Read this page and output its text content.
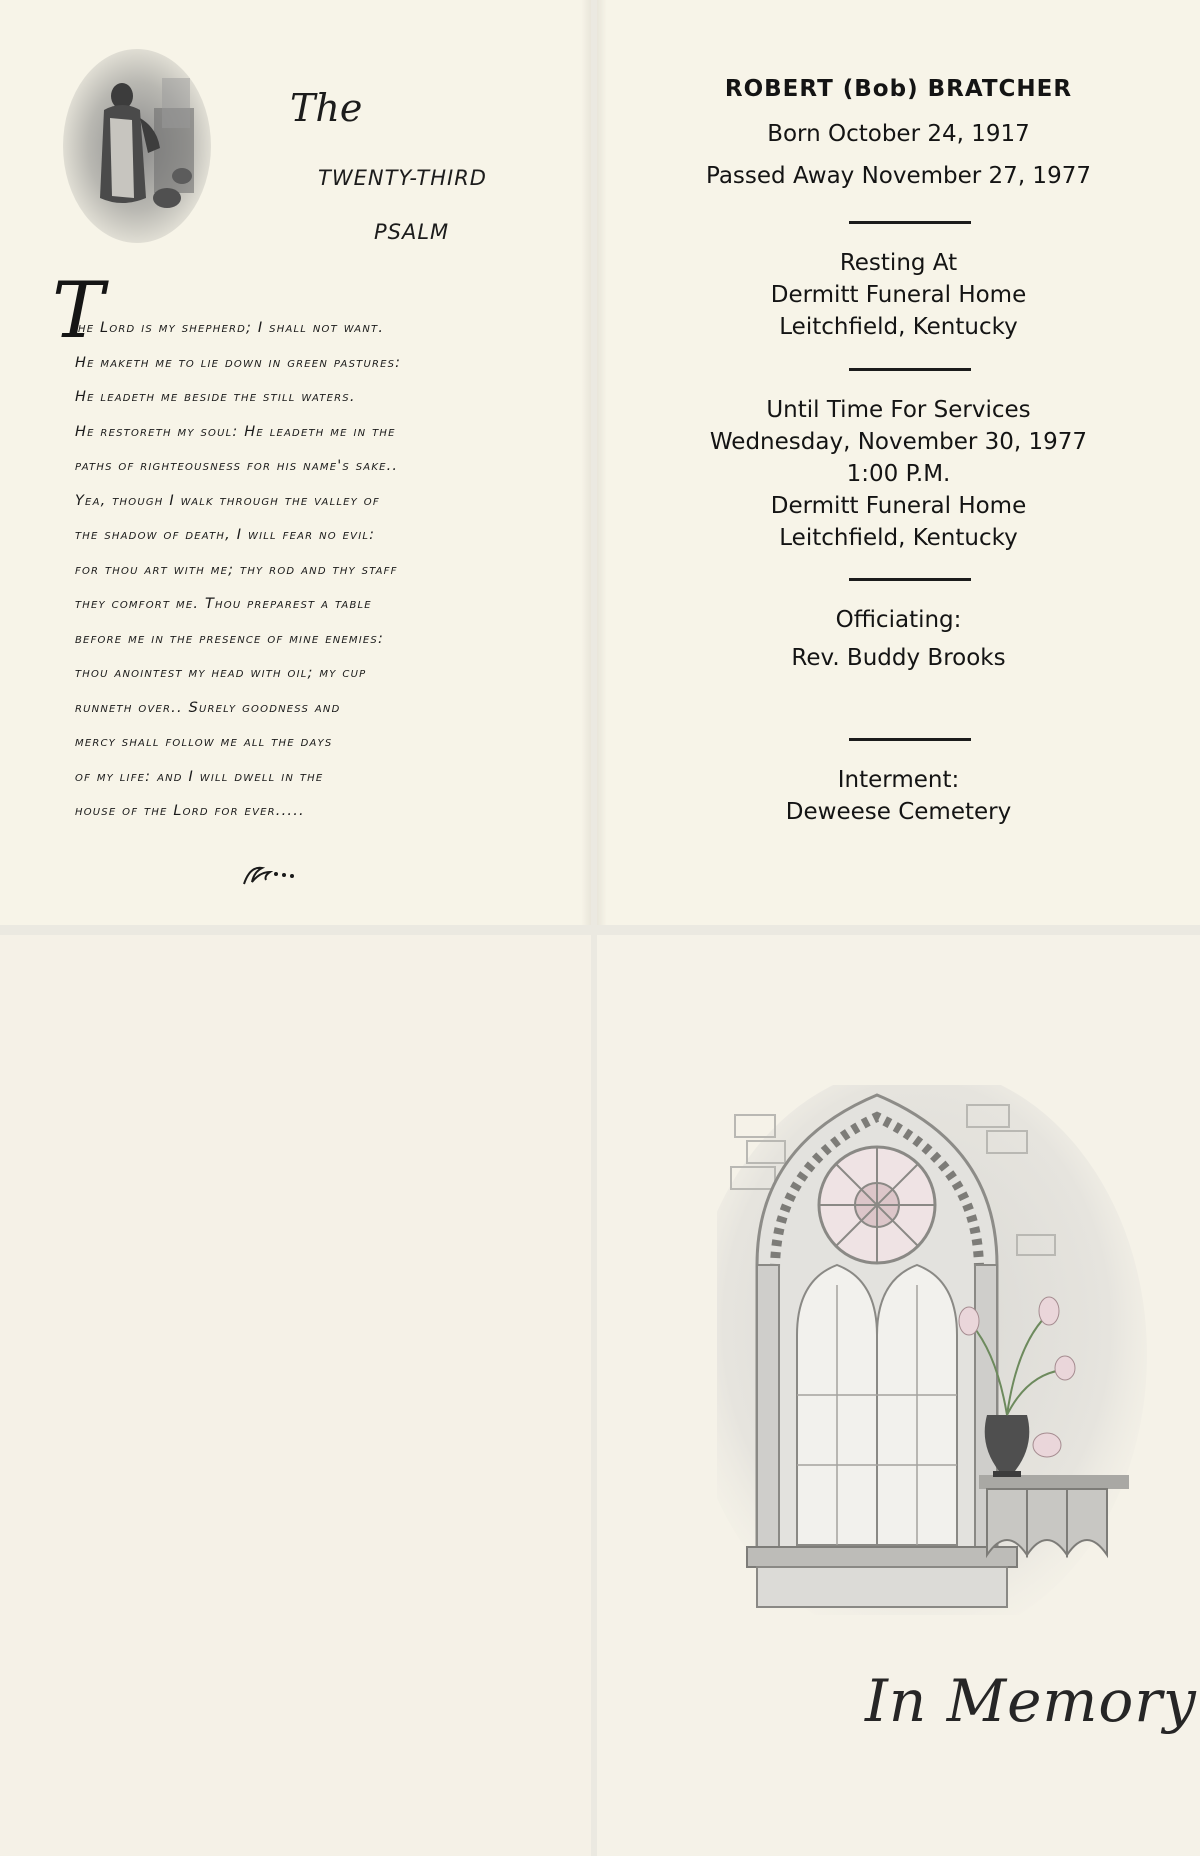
The
TWENTY-THIRD
PSALM
T
he Lord is my shepherd; I shall not want.
He maketh me to lie down in green pastures:
He leadeth me beside the still waters.
He restoreth my soul: He leadeth me in the
paths of righteousness for his name's sake..
Yea, though I walk through the valley of
the shadow of death, I will fear no evil:
for thou art with me; thy rod and thy staff
they comfort me. Thou preparest a table
before me in the presence of mine enemies:
thou anointest my head with oil; my cup
runneth over.. Surely goodness and
mercy shall follow me all the days
of my life: and I will dwell in the
house of the Lord for ever.....
ROBERT (Bob) BRATCHER
Born October 24, 1917
Passed Away November 27, 1977
Resting At
Dermitt Funeral Home
Leitchfield, Kentucky
Until Time For Services
Wednesday, November 30, 1977
1:00 P.M.
Dermitt Funeral Home
Leitchfield, Kentucky
Officiating:
Rev. Buddy Brooks
Interment:
Deweese Cemetery
In Memory
